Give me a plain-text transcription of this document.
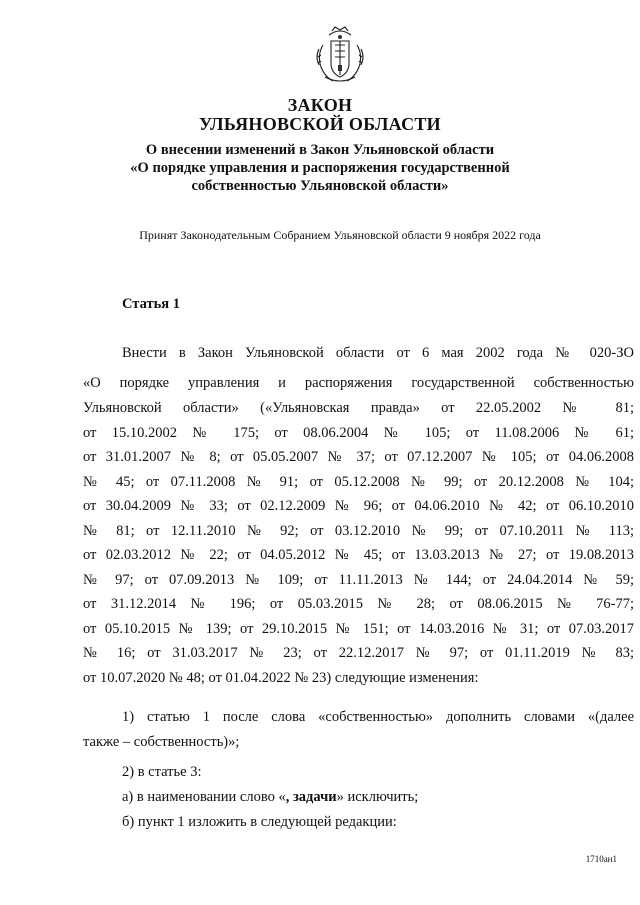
ЗАКОН
УЛЬЯНОВСКОЙ ОБЛАСТИ
О внесении изменений в Закон Ульяновской области
«О порядке управления и распоряжения государственной
собственностью Ульяновской области»
Принят Законодательным Собранием Ульяновской области 9 ноября 2022 года
Статья 1
Внести в Закон Ульяновской области от 6 мая 2002 года № 020-ЗО
«О порядке управления и распоряжения государственной собственностью
Ульяновской области» («Ульяновская правда» от 22.05.2002 № 81;
от 15.10.2002 № 175; от 08.06.2004 № 105; от 11.08.2006 № 61;
от 31.01.2007 № 8; от 05.05.2007 № 37; от 07.12.2007 № 105; от 04.06.2008
№ 45; от 07.11.2008 № 91; от 05.12.2008 № 99; от 20.12.2008 № 104;
от 30.04.2009 № 33; от 02.12.2009 № 96; от 04.06.2010 № 42; от 06.10.2010
№ 81; от 12.11.2010 № 92; от 03.12.2010 № 99; от 07.10.2011 № 113;
от 02.03.2012 № 22; от 04.05.2012 № 45; от 13.03.2013 № 27; от 19.08.2013
№ 97; от 07.09.2013 № 109; от 11.11.2013 № 144; от 24.04.2014 № 59;
от 31.12.2014 № 196; от 05.03.2015 № 28; от 08.06.2015 № 76-77;
от 05.10.2015 № 139; от 29.10.2015 № 151; от 14.03.2016 № 31; от 07.03.2017
№ 16; от 31.03.2017 № 23; от 22.12.2017 № 97; от 01.11.2019 № 83;
от 10.07.2020 № 48; от 01.04.2022 № 23) следующие изменения:
1) статью 1 после слова «собственностью» дополнить словами «(далее
также – собственность)»;
2) в статье 3:
а) в наименовании слово «, задачи» исключить;
б) пункт 1 изложить в следующей редакции:
1710ан1
